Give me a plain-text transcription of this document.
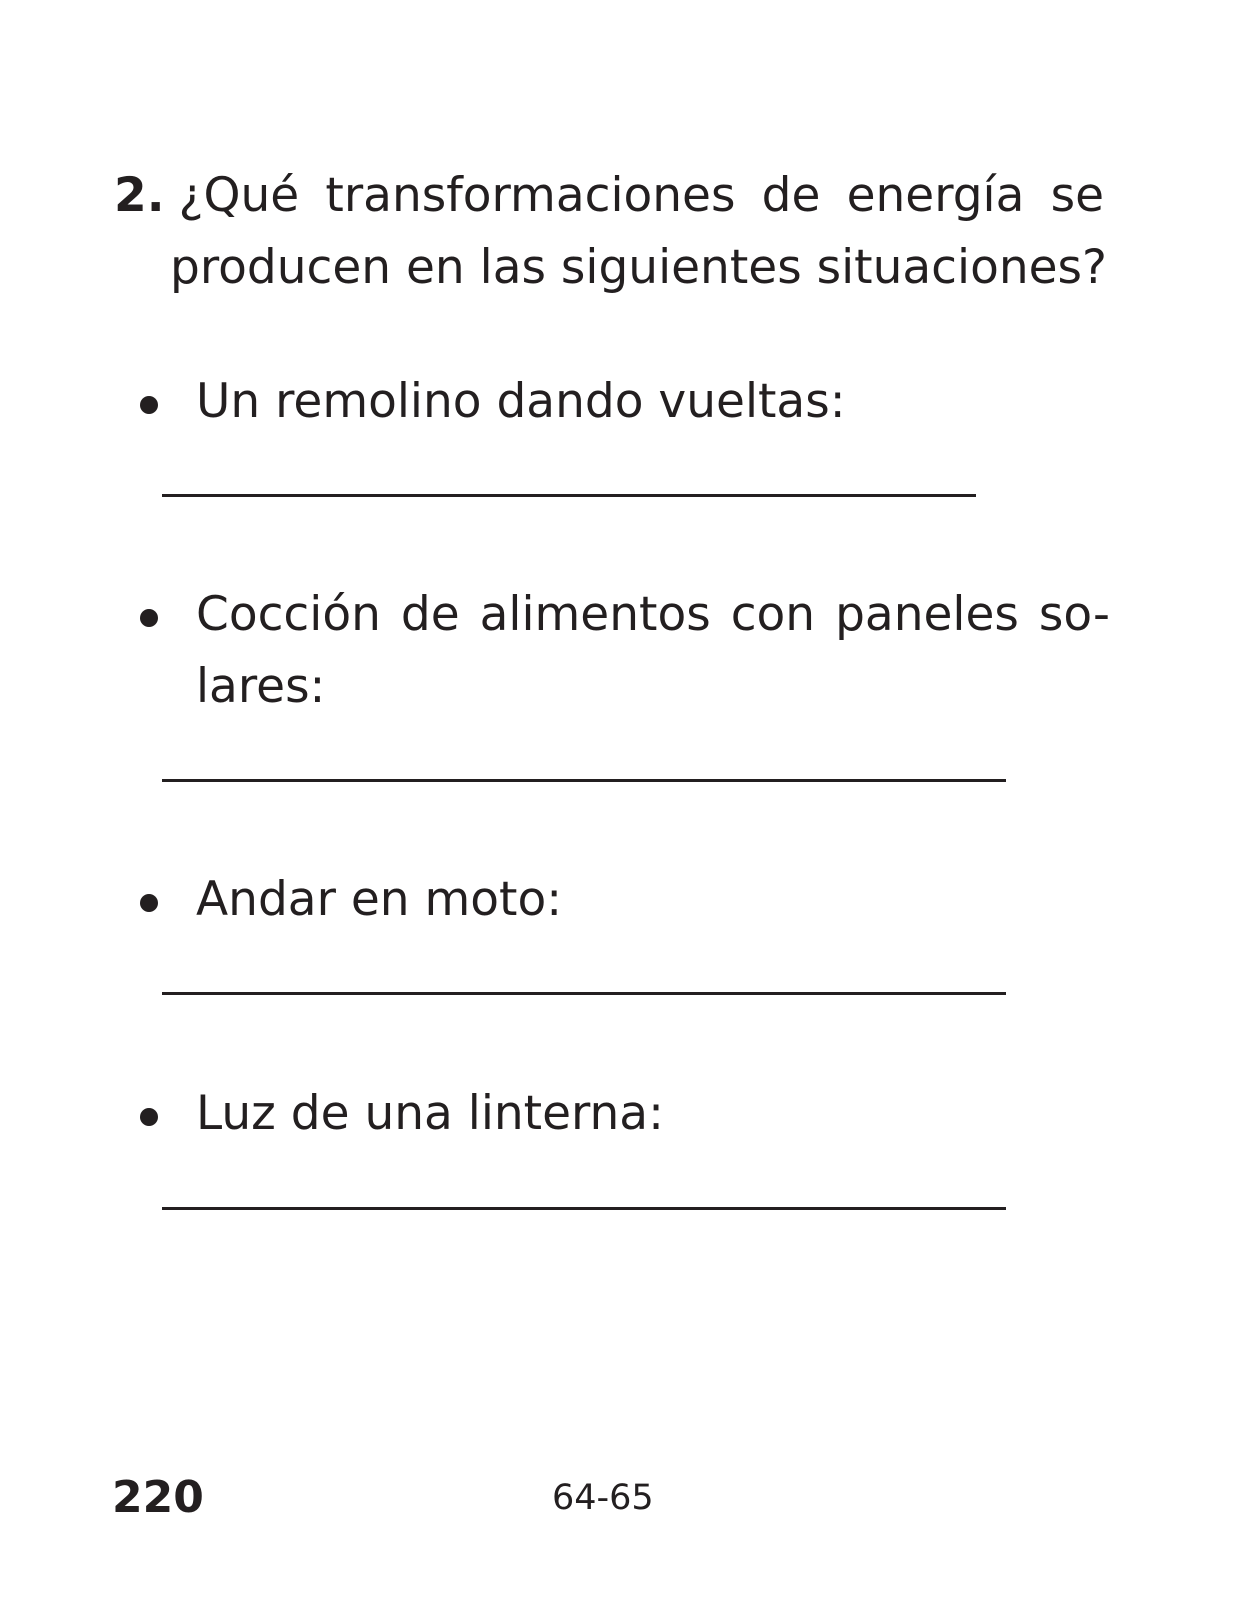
2. ¿Qué transformaciones de energía se
producen en las siguientes situaciones?
Un remolino dando vueltas:
Cocción de alimentos con paneles so-
lares:
Andar en moto:
Luz de una linterna:
220	64-65
